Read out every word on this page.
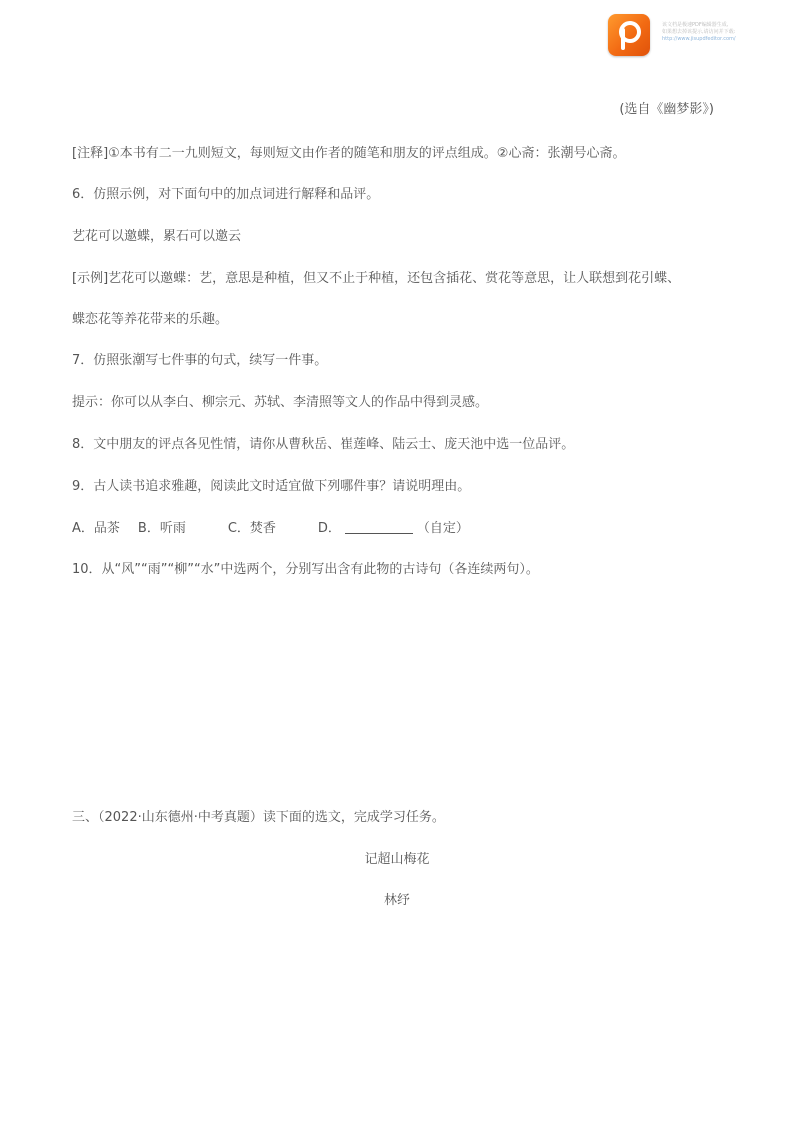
该文档是极速PDF编辑器生成,
如果想去掉该提示,请访问并下载:
http://www.jisupdfeditor.com/
(选自《幽梦影》)
[注释]①本书有二一九则短文，每则短文由作者的随笔和朋友的评点组成。②心斋：张潮号心斋。
6．仿照示例，对下面句中的加点词进行解释和品评。
艺花可以邀蝶，累石可以邀云
[示例]艺花可以邀蝶：艺，意思是种植，但又不止于种植，还包含插花、赏花等意思，让人联想到花引蝶、
蝶恋花等养花带来的乐趣。
7．仿照张潮写七件事的句式，续写一件事。
提示：你可以从李白、柳宗元、苏轼、李清照等文人的作品中得到灵感。
8．文中朋友的评点各见性情，请你从曹秋岳、崔莲峰、陆云士、庞天池中选一位品评。
9．古人读书追求雅趣，阅读此文时适宜做下列哪件事？请说明理由。
A．品茶 B．听雨	C．焚香	D．	（自定）
10．从“风”“雨”“柳”“水”中选两个，分别写出含有此物的古诗句（各连续两句）。
三、（2022·山东德州·中考真题）读下面的选文，完成学习任务。
记超山梅花
林纾
